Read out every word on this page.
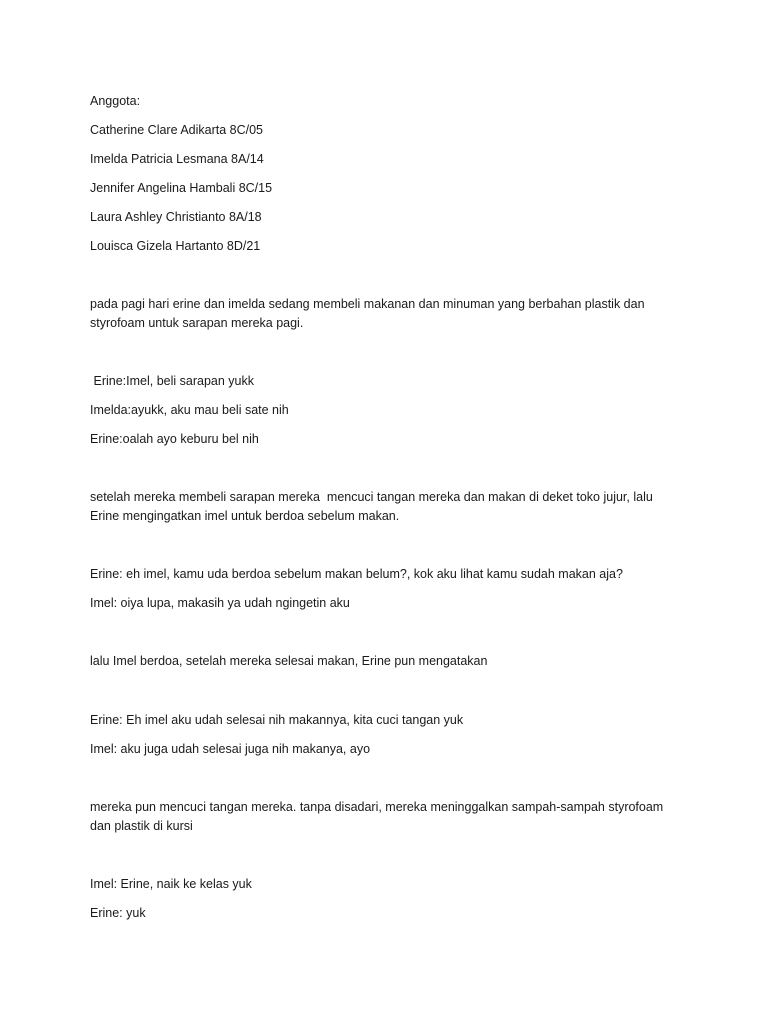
Anggota:

Catherine Clare Adikarta 8C/05

Imelda Patricia Lesmana 8A/14

Jennifer Angelina Hambali 8C/15

Laura Ashley Christianto 8A/18

Louisca Gizela Hartanto 8D/21

pada pagi hari erine dan imelda sedang membeli makanan dan minuman yang berbahan plastik dan styrofoam untuk sarapan mereka pagi.

Erine:Imel, beli sarapan yukk

Imelda:ayukk, aku mau beli sate nih

Erine:oalah ayo keburu bel nih

setelah mereka membeli sarapan mereka  mencuci tangan mereka dan makan di deket toko jujur, lalu Erine mengingatkan imel untuk berdoa sebelum makan.

Erine: eh imel, kamu uda berdoa sebelum makan belum?, kok aku lihat kamu sudah makan aja?

Imel: oiya lupa, makasih ya udah ngingetin aku

lalu Imel berdoa, setelah mereka selesai makan, Erine pun mengatakan

Erine: Eh imel aku udah selesai nih makannya, kita cuci tangan yuk

Imel: aku juga udah selesai juga nih makanya, ayo

mereka pun mencuci tangan mereka. tanpa disadari, mereka meninggalkan sampah-sampah styrofoam dan plastik di kursi

Imel: Erine, naik ke kelas yuk

Erine: yuk
